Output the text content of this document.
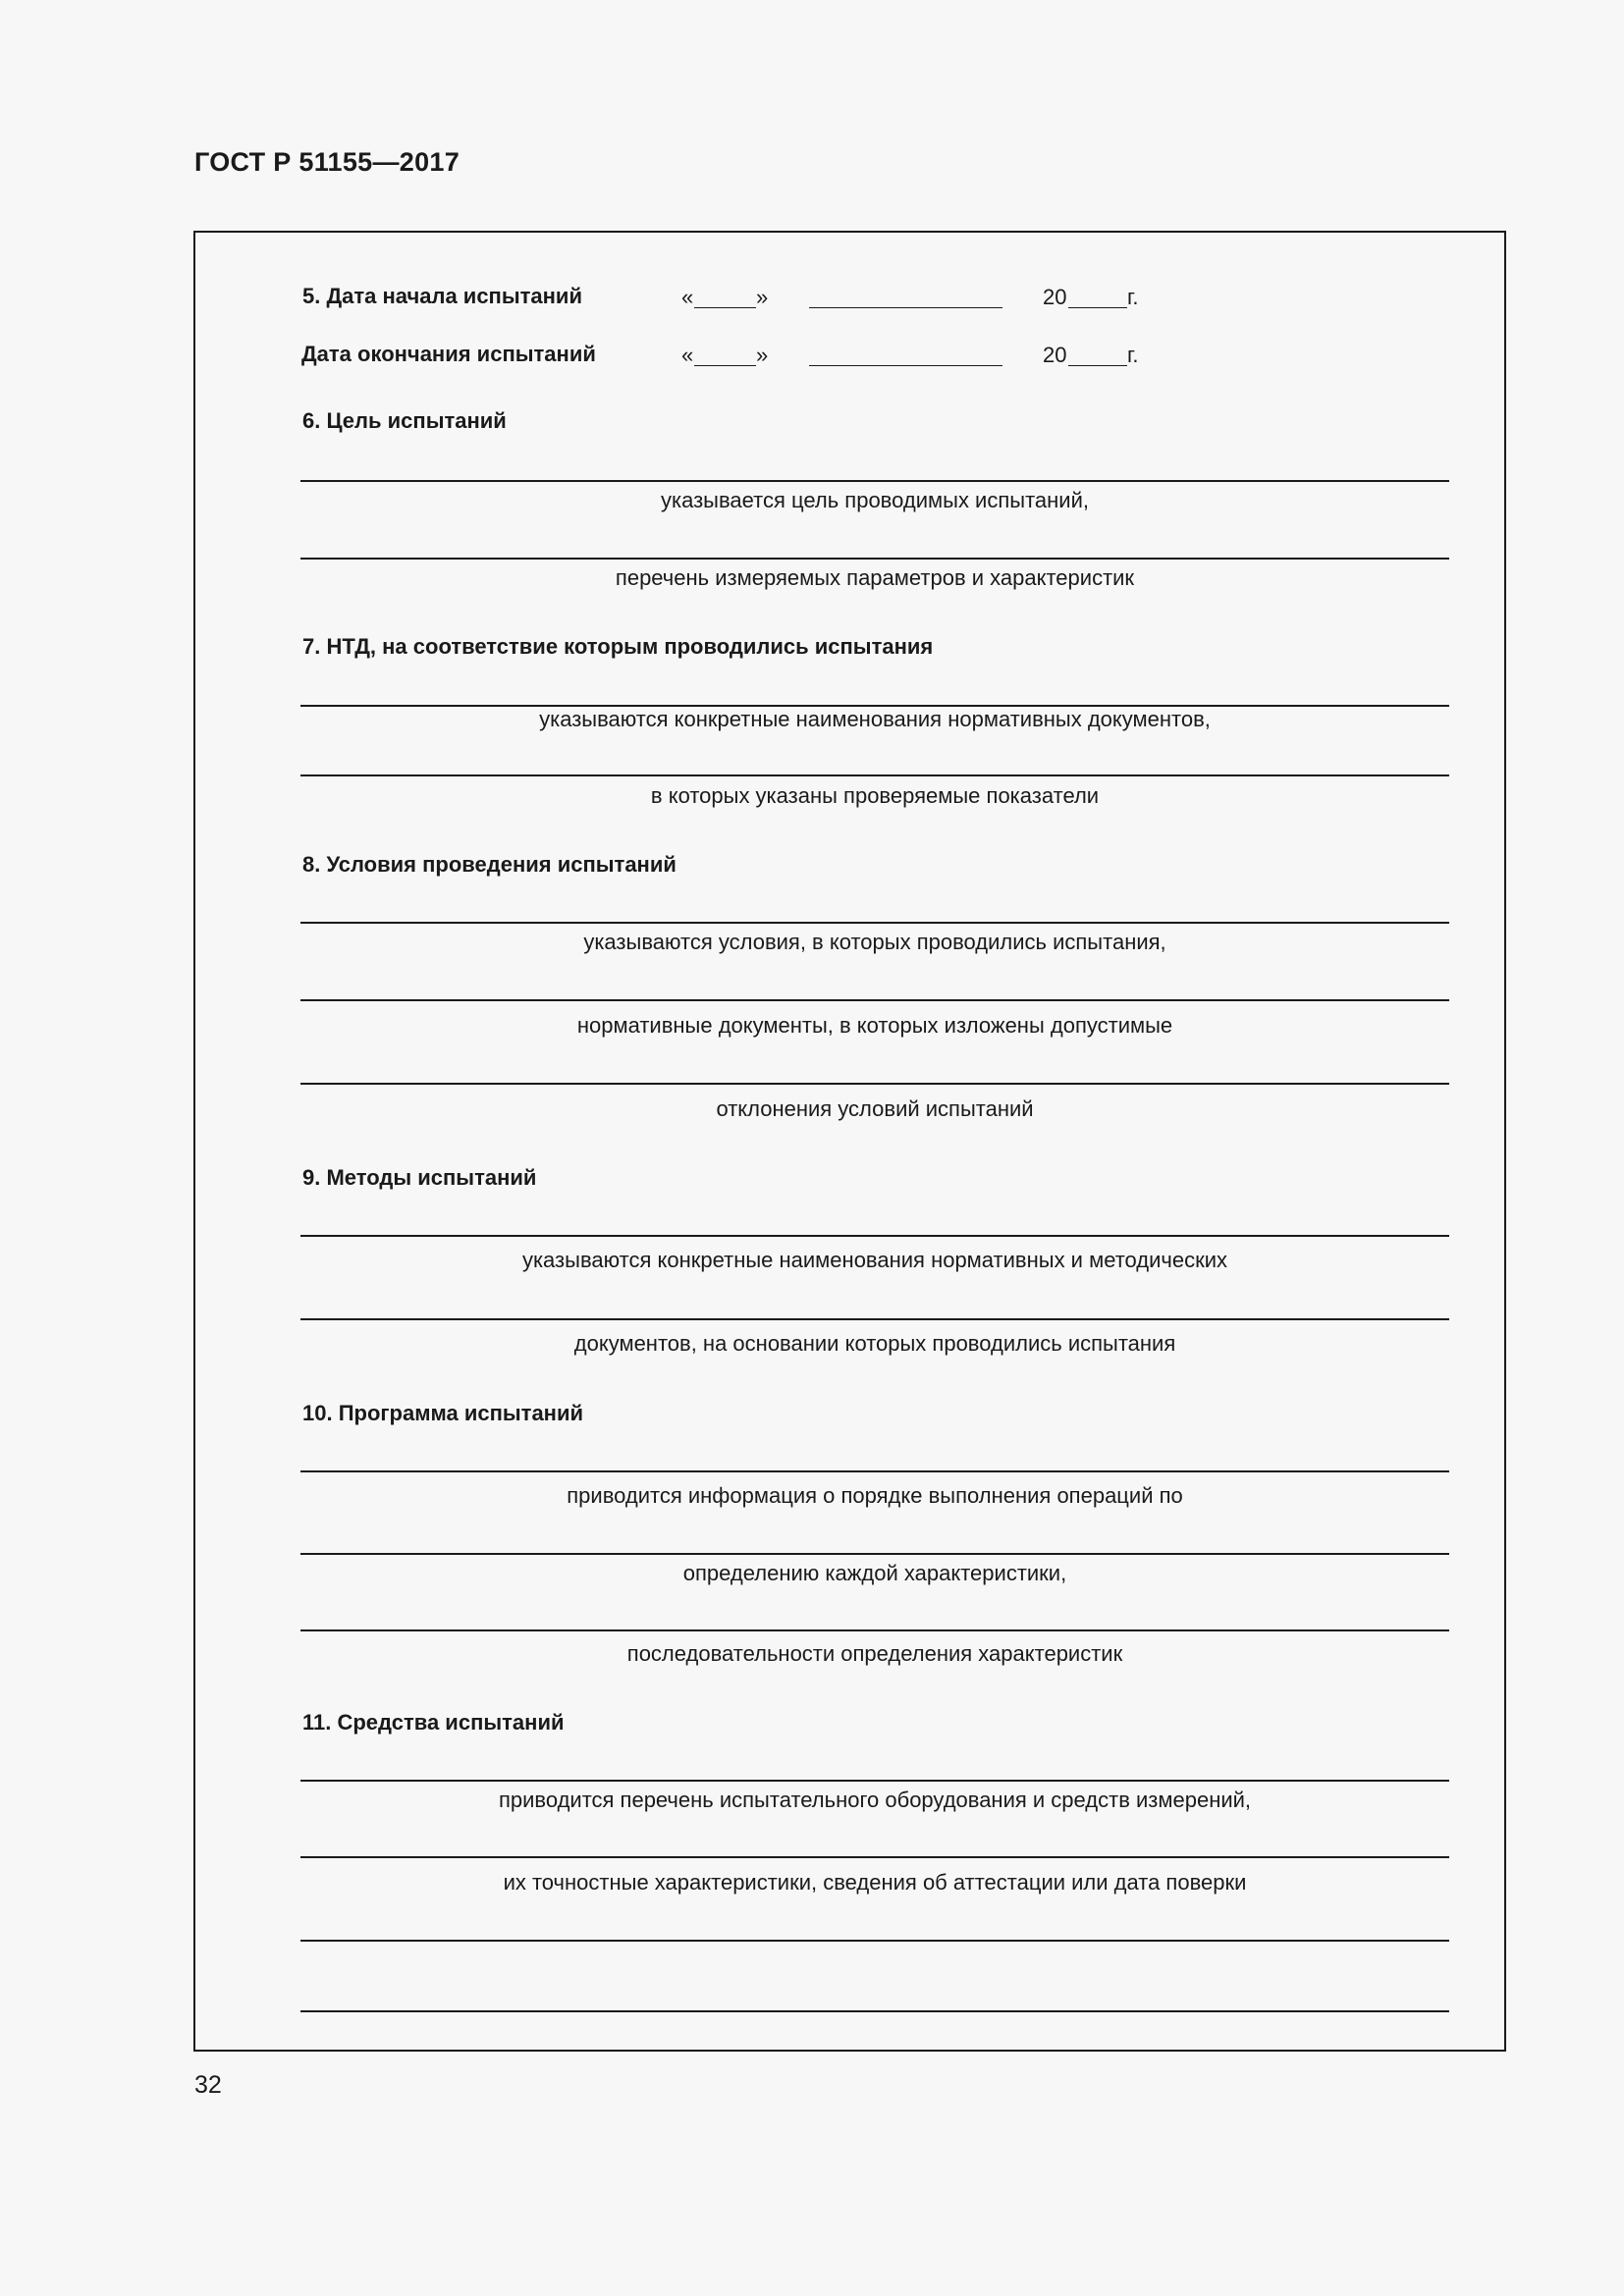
ГОСТ Р 51155—2017
5. Дата начала испытаний	«	»	20	г.
Дата окончания испытаний	«	»	20	г.
6. Цель испытаний
указывается цель проводимых испытаний,
перечень измеряемых параметров и характеристик
7. НТД, на соответствие которым проводились испытания
указываются конкретные наименования нормативных документов,
в которых указаны проверяемые показатели
8. Условия проведения испытаний
указываются условия, в которых проводились испытания,
нормативные документы, в которых изложены допустимые
отклонения условий испытаний
9. Методы испытаний
указываются конкретные наименования нормативных и методических
документов, на основании которых проводились испытания
10. Программа испытаний
приводится информация о порядке выполнения операций по
определению каждой характеристики,
последовательности определения характеристик
11. Средства испытаний
приводится перечень испытательного оборудования и средств измерений,
их точностные характеристики, сведения об аттестации или дата поверки
32
